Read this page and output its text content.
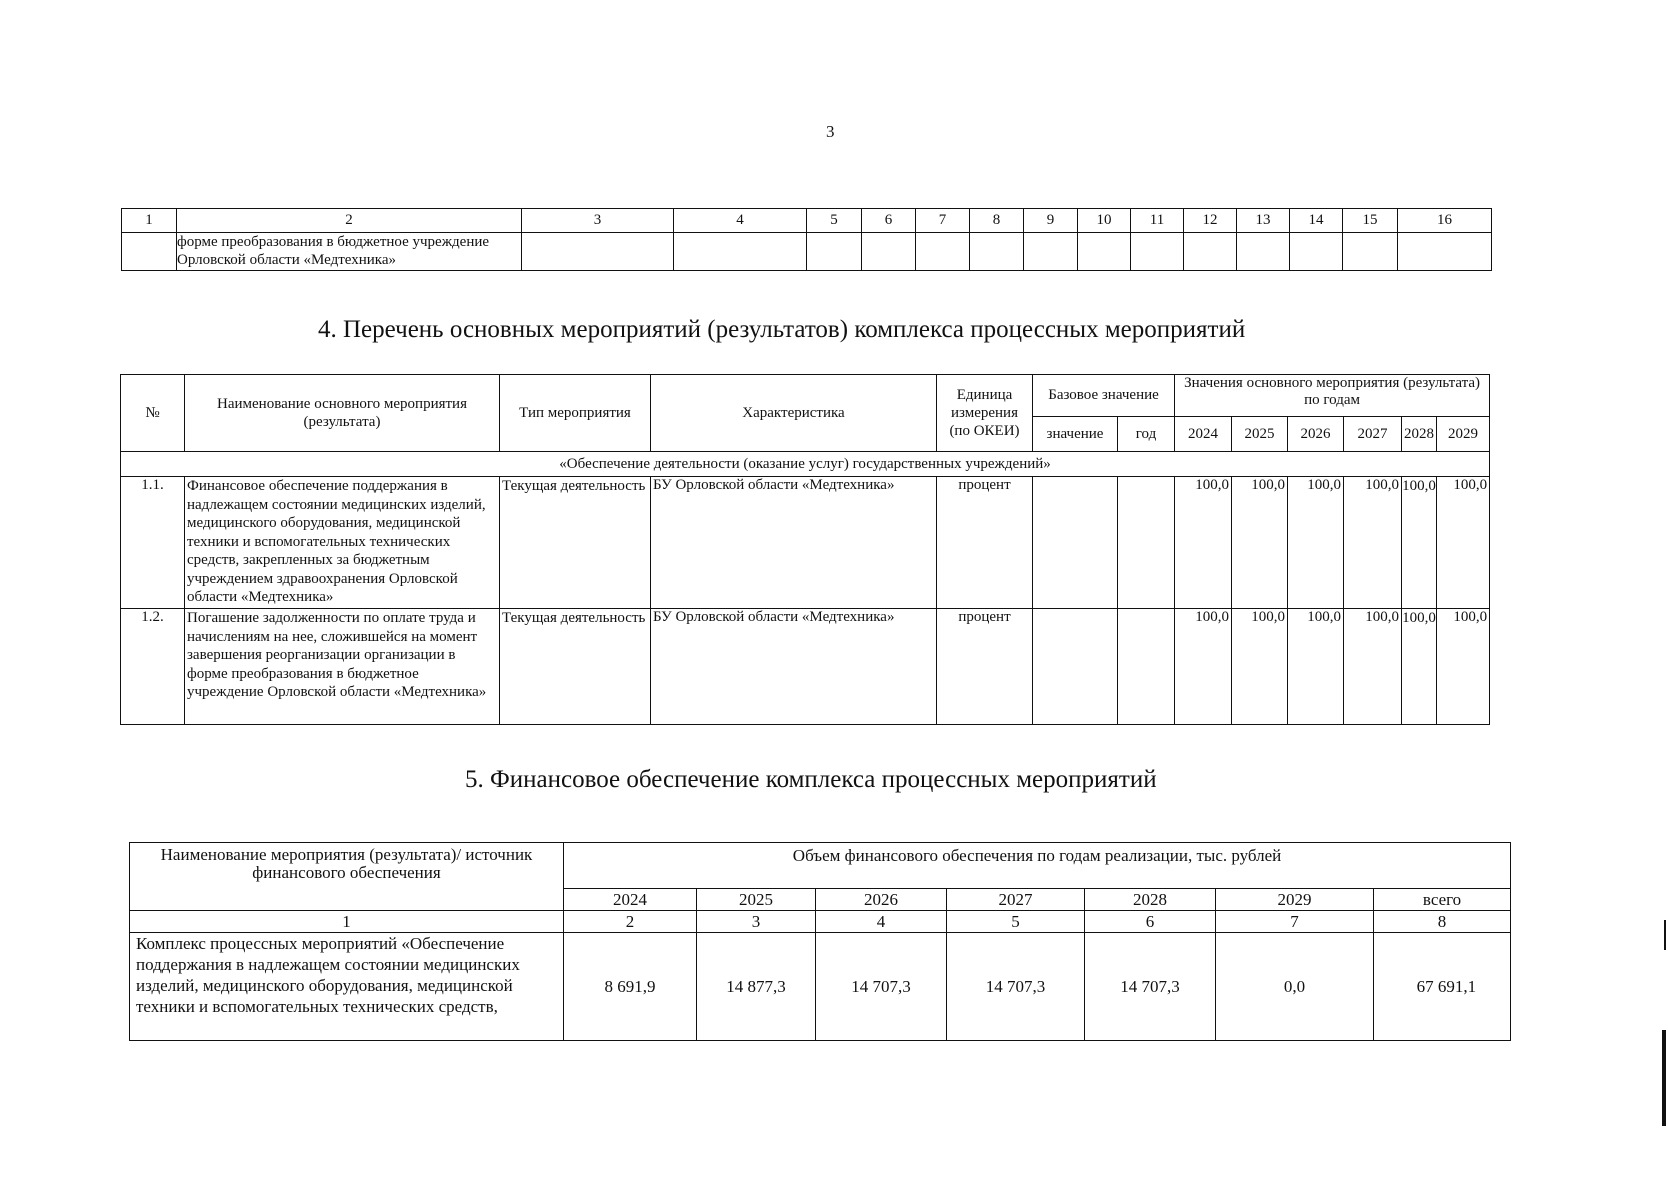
3
1	2	3	4	5	6	7	8	9	10	11	12	13	14	15	16
	форме преобразования в бюджетное учреждение Орловской области «Медтехника»														
4. Перечень основных мероприятий (результатов) комплекса процессных мероприятий
№	Наименование основного мероприятия (результата)	Тип мероприятия	Характеристика	Единица измерения (по ОКЕИ)	Базовое значение		Значения основного мероприятия (результата) по годам					
					значение	год	2024	2025	2026	2027	2028	2029
«Обеспечение деятельности (оказание услуг) государственных учреждений»												
1.1.	Финансовое обеспечение поддержания в надлежащем состоянии медицинских изделий, медицинского оборудования, медицинской техники и вспомогательных технических средств, закрепленных за бюджетным учреждением здравоохранения Орловской области «Медтехника»	Текущая деятельность	БУ Орловской области «Медтехника»	процент			100,0	100,0	100,0	100,0	100,0	100,0
1.2.	Погашение задолженности по оплате труда и начислениям на нее, сложившейся на момент завершения реорганизации организации в форме преобразования в бюджетное учреждение Орловской области «Медтехника»	Текущая деятельность	БУ Орловской области «Медтехника»	процент			100,0	100,0	100,0	100,0	100,0	100,0
5. Финансовое обеспечение комплекса процессных мероприятий
Наименование мероприятия (результата)/ источник финансового обеспечения	Объем финансового обеспечения по годам реализации, тыс. рублей						
	2024	2025	2026	2027	2028	2029	всего
1	2	3	4	5	6	7	8
Комплекс процессных мероприятий «Обеспечение поддержания в надлежащем состоянии медицинских изделий, медицинского оборудования, медицинской техники и вспомогательных технических средств,	8 691,9	14 877,3	14 707,3	14 707,3	14 707,3	0,0	67 691,1
